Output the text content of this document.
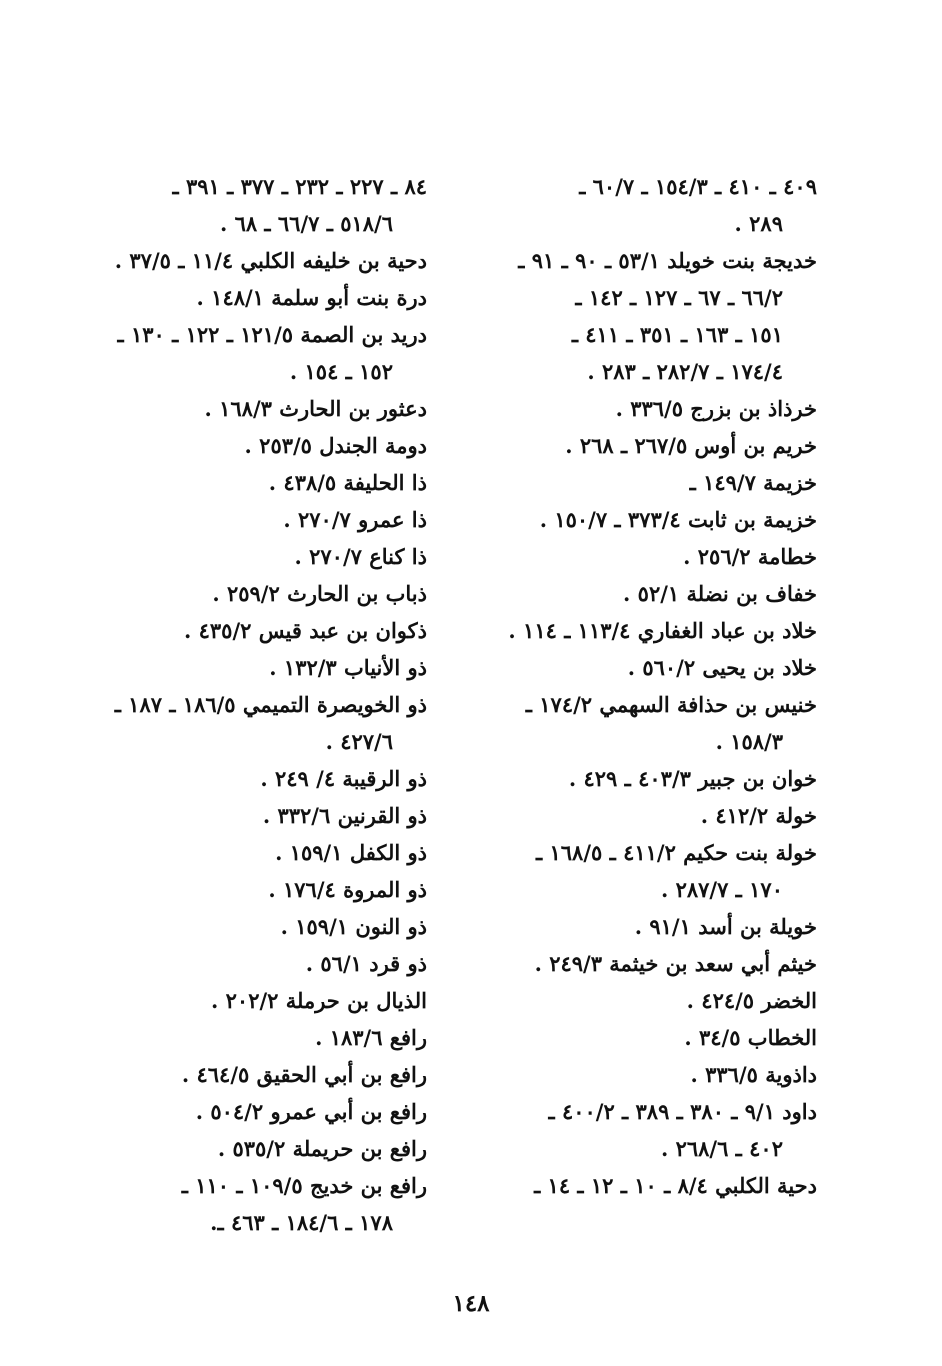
٤٠٩ ـ ٤١٠ ـ ١٥٤/٣ ـ ٦٠/٧ ـ
٢٨٩ .
خديجة بنت خويلد ٥٣/١ ـ ٩٠ ـ ٩١ ـ
٦٦/٢ ـ ٦٧ ـ ١٢٧ ـ ١٤٢ ـ
١٥١ ـ ١٦٣ ـ ٣٥١ ـ ٤١١ ـ
١٧٤/٤ ـ ٢٨٢/٧ ـ ٢٨٣ .
خرذاذ بن بزرج ٣٣٦/٥ .
خريم بن أوس ٢٦٧/٥ ـ ٢٦٨ .
خزيمة ١٤٩/٧ ـ
خزيمة بن ثابت ٣٧٣/٤ ـ ١٥٠/٧ .
خطامة ٢٥٦/٢ .
خفاف بن نضلة ٥٢/١ .
خلاد بن عباد الغفاري ١١٣/٤ ـ ١١٤ .
خلاد بن يحيى ٥٦٠/٢ .
خنيس بن حذافة السهمي ١٧٤/٢ ـ
١٥٨/٣ .
خوان بن جبير ٤٠٣/٣ ـ ٤٢٩ .
خولة ٤١٢/٢ .
خولة بنت حكيم ٤١١/٢ ـ ١٦٨/٥ ـ
١٧٠ ـ ٢٨٧/٧ .
خويلة بن أسد ٩١/١ .
خيثم أبي سعد بن خيثمة ٢٤٩/٣ .
الخضر ٤٢٤/٥ .
الخطاب ٣٤/٥ .
داذوية ٣٣٦/٥ .
داود ٩/١ ـ ٣٨٠ ـ ٣٨٩ ـ ٤٠٠/٢ ـ
٤٠٢ ـ ٢٦٨/٦ .
دحية الكلبي ٨/٤ ـ ١٠ ـ ١٢ ـ ١٤ ـ
٨٤ ـ ٢٢٧ ـ ٢٣٢ ـ ٣٧٧ ـ ٣٩١ ـ
٥١٨/٦ ـ ٦٦/٧ ـ ٦٨ .
دحية بن خليفه الكلبي ١١/٤ ـ ٣٧/٥ .
درة بنت أبو سلمة ١٤٨/١ .
دريد بن الصمة ١٢١/٥ ـ ١٢٢ ـ ١٣٠ ـ
١٥٢ ـ ١٥٤ .
دعثور بن الحارث ١٦٨/٣ .
دومة الجندل ٢٥٣/٥ .
ذا الحليفة ٤٣٨/٥ .
ذا عمرو ٢٧٠/٧ .
ذا كناع ٢٧٠/٧ .
ذباب بن الحارث ٢٥٩/٢ .
ذكوان بن عبد قيس ٤٣٥/٢ .
ذو الأنياب ١٣٢/٣ .
ذو الخويصرة التميمي ١٨٦/٥ ـ ١٨٧ ـ
٤٢٧/٦ .
ذو الرقيبة ٤/ ٢٤٩ .
ذو القرنين ٣٣٢/٦ .
ذو الكفل ١٥٩/١ .
ذو المروة ١٧٦/٤ .
ذو النون ١٥٩/١ .
ذو قرد ٥٦/١ .
الذيال بن حرملة ٢٠٢/٢ .
رافع ١٨٣/٦ .
رافع بن أبي الحقيق ٤٦٤/٥ .
رافع بن أبي عمرو ٥٠٤/٢ .
رافع بن حريملة ٥٣٥/٢ .
رافع بن خديج ١٠٩/٥ ـ ١١٠ ـ
١٧٨ ـ ١٨٤/٦ ـ ٤٦٣ ـ.
١٤٨
